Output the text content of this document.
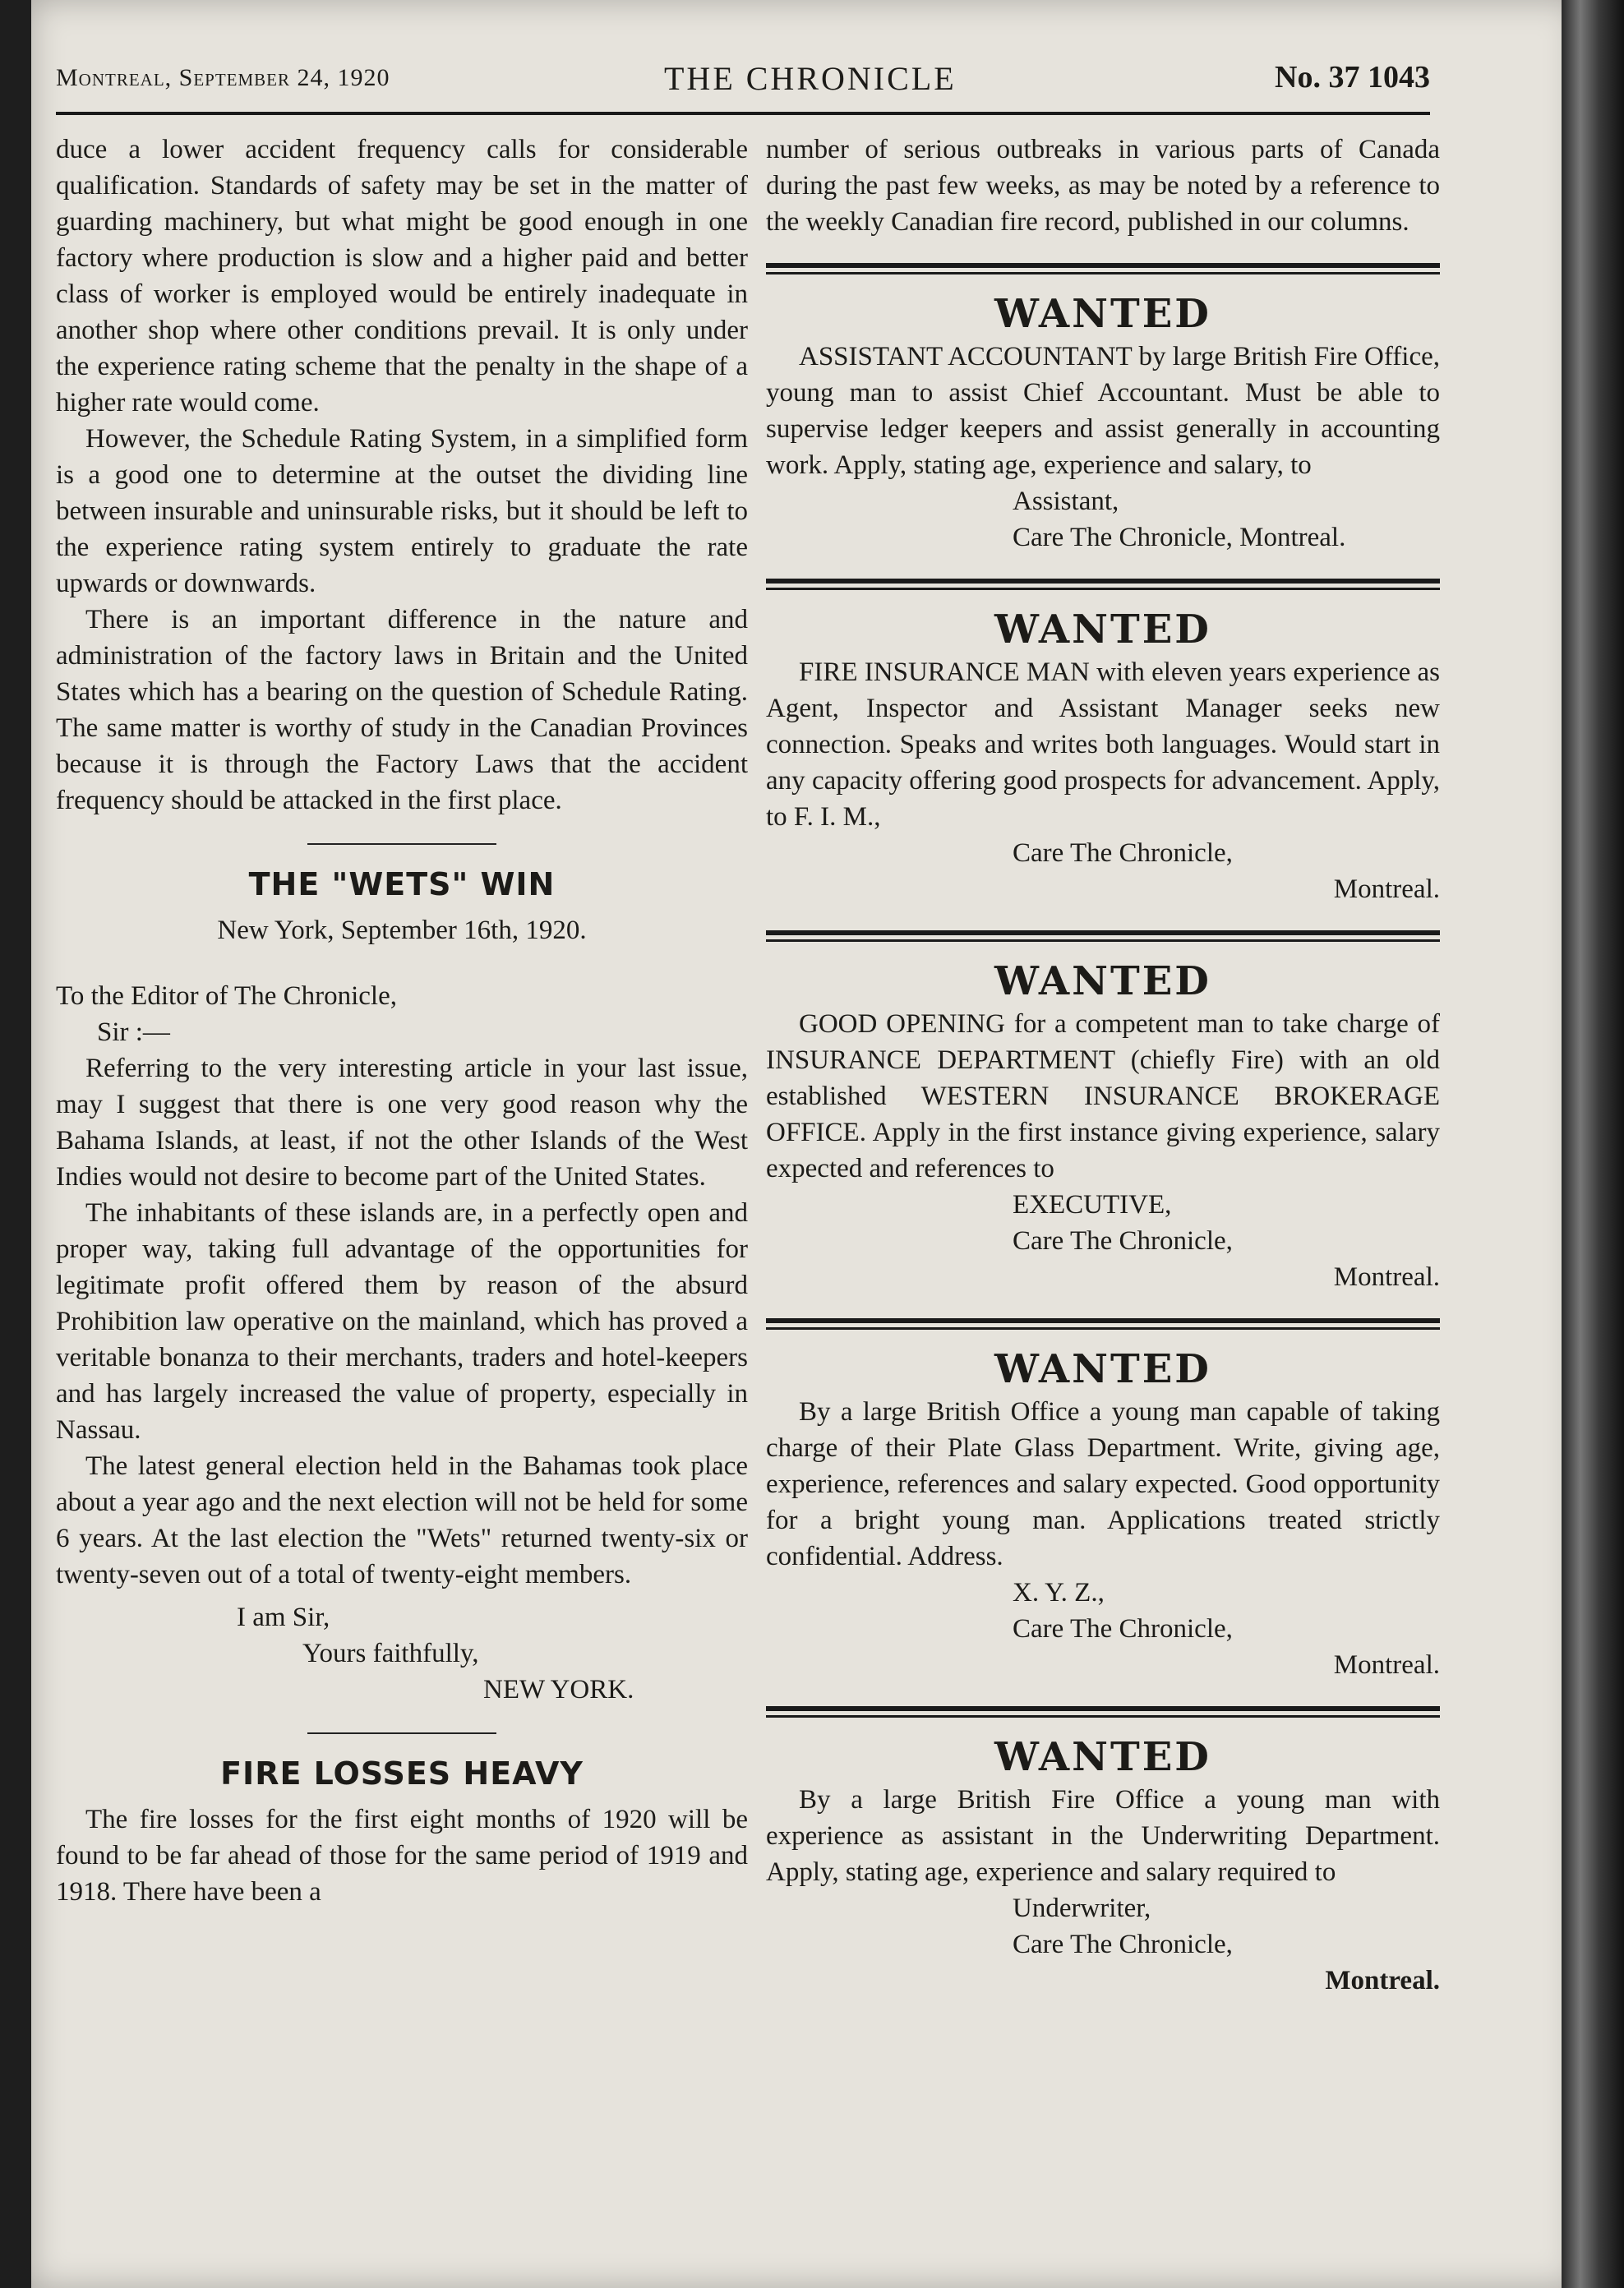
Montreal, September 24, 1920	THE CHRONICLE	No. 37 1043

duce a lower accident frequency calls for considerable qualification. Standards of safety may be set in the matter of guarding machinery, but what might be good enough in one factory where production is slow and a higher paid and better class of worker is employed would be entirely inadequate in another shop where other conditions prevail. It is only under the experience rating scheme that the penalty in the shape of a higher rate would come.

However, the Schedule Rating System, in a simplified form is a good one to determine at the outset the dividing line between insurable and uninsurable risks, but it should be left to the experience rating system entirely to graduate the rate upwards or downwards.

There is an important difference in the nature and administration of the factory laws in Britain and the United States which has a bearing on the question of Schedule Rating. The same matter is worthy of study in the Canadian Provinces because it is through the Factory Laws that the accident frequency should be attacked in the first place.

THE "WETS" WIN
New York, September 16th, 1920.

To the Editor of The Chronicle,

Sir :—

Referring to the very interesting article in your last issue, may I suggest that there is one very good reason why the Bahama Islands, at least, if not the other Islands of the West Indies would not desire to become part of the United States.

The inhabitants of these islands are, in a perfectly open and proper way, taking full advantage of the opportunities for legitimate profit offered them by reason of the absurd Prohibition law operative on the mainland, which has proved a veritable bonanza to their merchants, traders and hotel-keepers and has largely increased the value of property, especially in Nassau.

The latest general election held in the Bahamas took place about a year ago and the next election will not be held for some 6 years. At the last election the "Wets" returned twenty-six or twenty-seven out of a total of twenty-eight members.

I am Sir,

Yours faithfully,

NEW YORK.

FIRE LOSSES HEAVY

The fire losses for the first eight months of 1920 will be found to be far ahead of those for the same period of 1919 and 1918. There have been a

number of serious outbreaks in various parts of Canada during the past few weeks, as may be noted by a reference to the weekly Canadian fire record, published in our columns.

WANTED

ASSISTANT ACCOUNTANT by large British Fire Office, young man to assist Chief Accountant. Must be able to supervise ledger keepers and assist generally in accounting work. Apply, stating age, experience and salary, to

Assistant,

Care The Chronicle, Montreal.

WANTED

FIRE INSURANCE MAN with eleven years experience as Agent, Inspector and Assistant Manager seeks new connection. Speaks and writes both languages. Would start in any capacity offering good prospects for advancement. Apply, to F. I. M.,

Care The Chronicle,

Montreal.

WANTED

GOOD OPENING for a competent man to take charge of INSURANCE DEPARTMENT (chiefly Fire) with an old established WESTERN INSURANCE BROKERAGE OFFICE. Apply in the first instance giving experience, salary expected and references to

EXECUTIVE,

Care The Chronicle,

Montreal.

WANTED

By a large British Office a young man capable of taking charge of their Plate Glass Department. Write, giving age, experience, references and salary expected. Good opportunity for a bright young man. Applications treated strictly confidential. Address.

X. Y. Z.,

Care The Chronicle,

Montreal.

WANTED

By a large British Fire Office a young man with experience as assistant in the Underwriting Department. Apply, stating age, experience and salary required to

Underwriter,

Care The Chronicle,

Montreal.
